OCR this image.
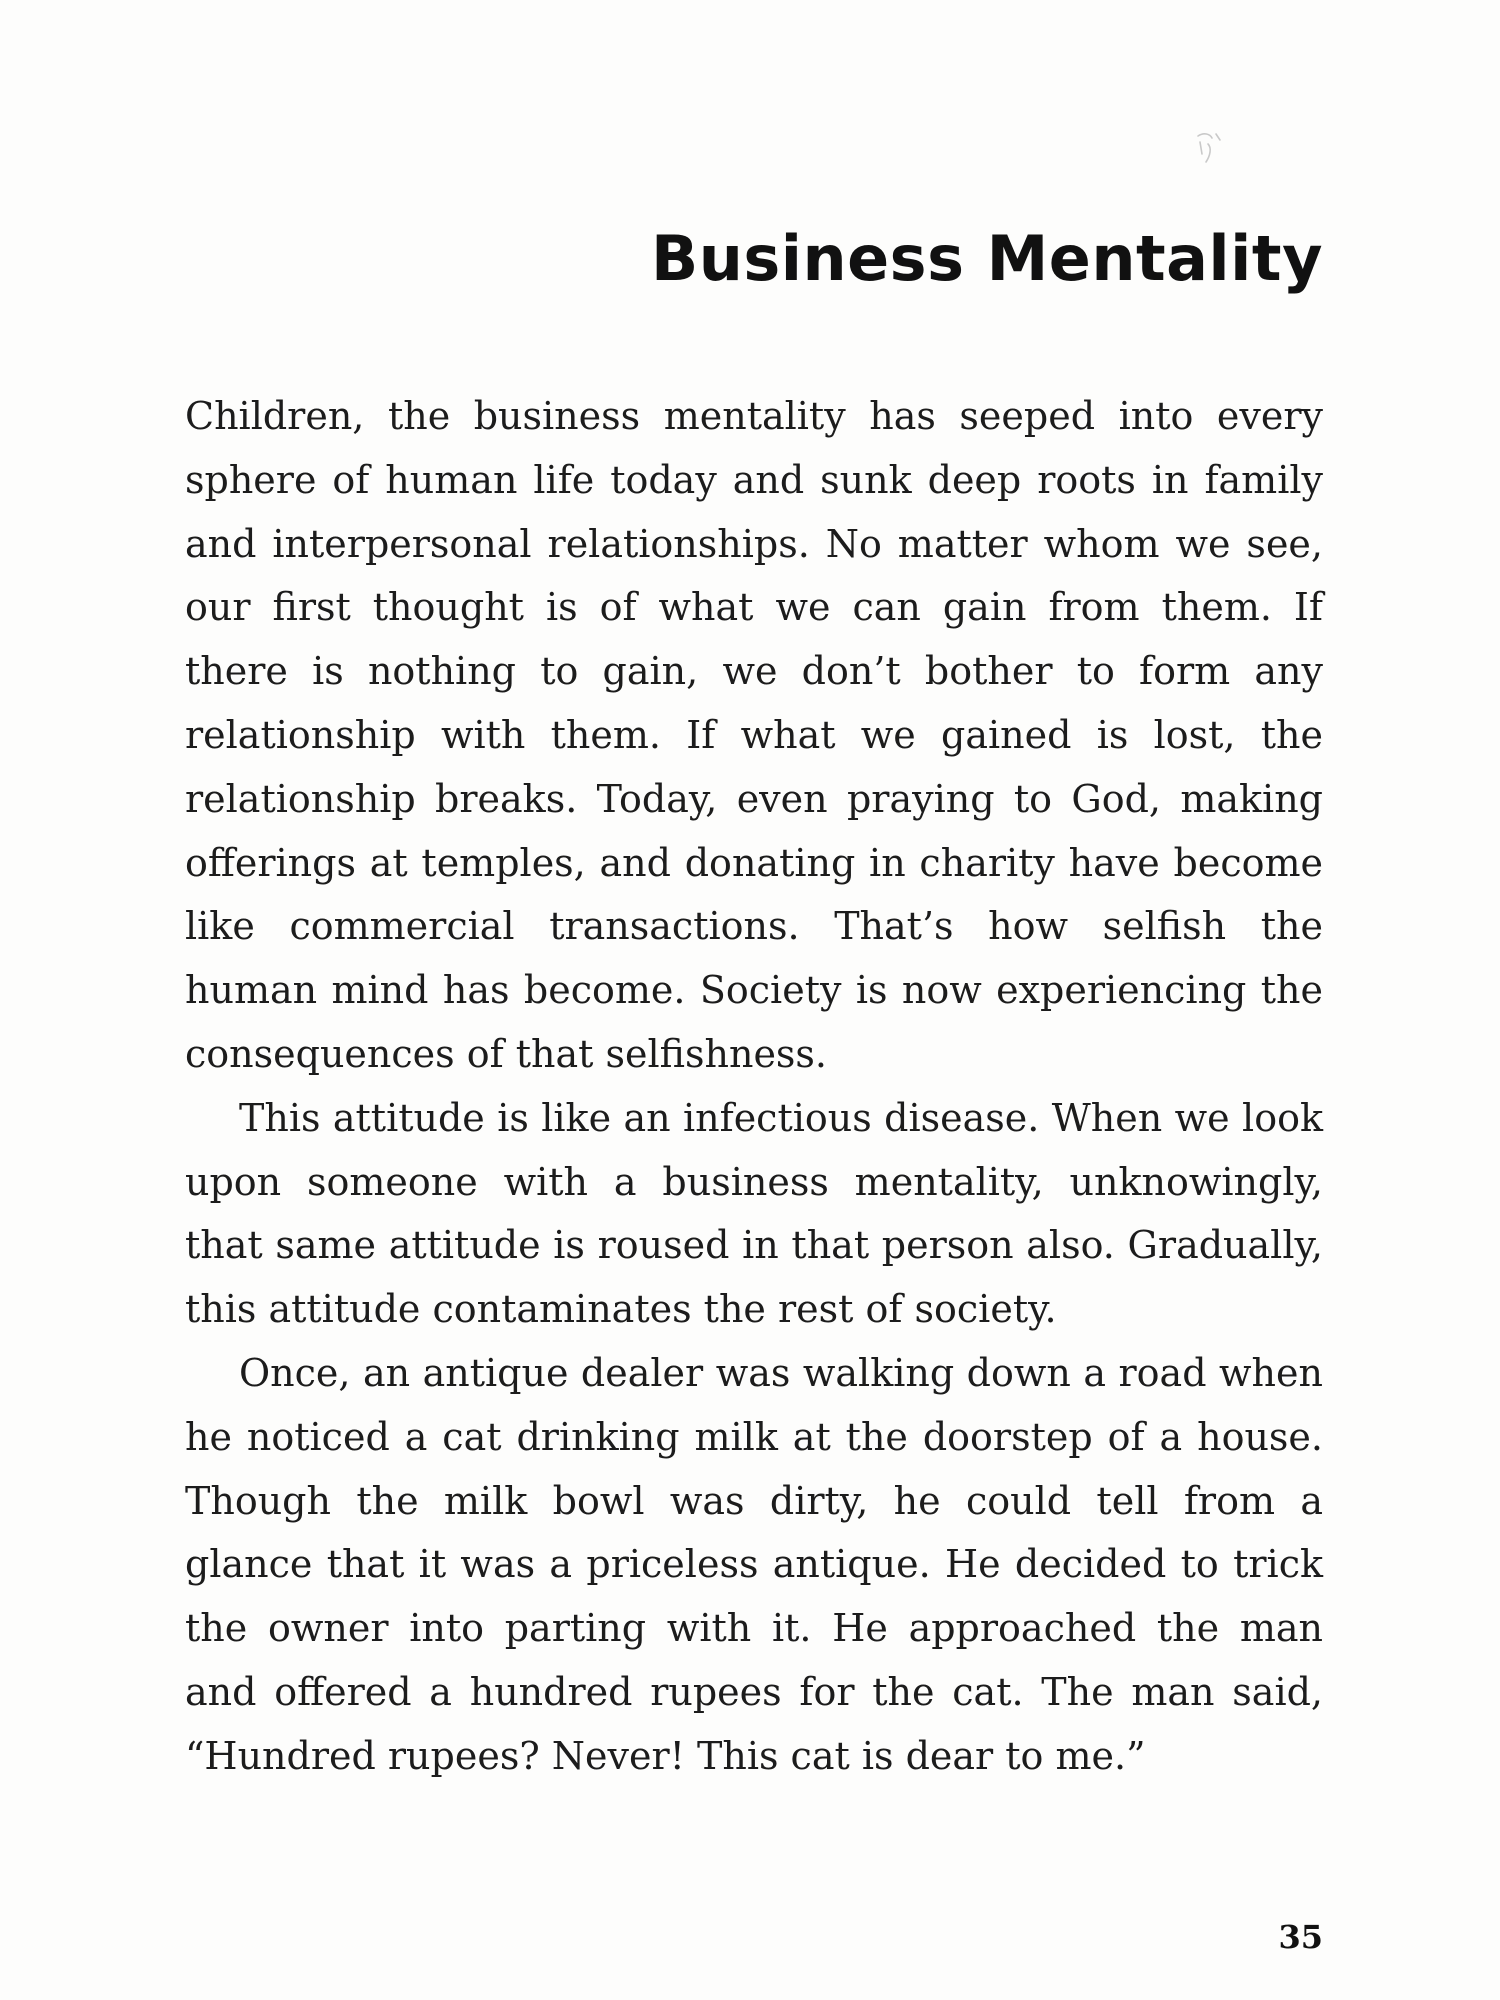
Business Mentality

Children, the business mentality has seeped into every sphere of human life today and sunk deep roots in family and interpersonal relationships. No matter whom we see, our first thought is of what we can gain from them. If there is nothing to gain, we don’t bother to form any relationship with them. If what we gained is lost, the relationship breaks. Today, even praying to God, making offerings at temples, and donating in charity have become like commercial transactions. That’s how selfish the human mind has become. Society is now experiencing the consequences of that selfishness.

This attitude is like an infectious disease. When we look upon someone with a business mentality, unknowingly, that same attitude is roused in that person also. Gradually, this attitude contaminates the rest of society.

Once, an antique dealer was walking down a road when he noticed a cat drinking milk at the doorstep of a house. Though the milk bowl was dirty, he could tell from a glance that it was a priceless antique. He decided to trick the owner into parting with it. He approached the man and offered a hundred rupees for the cat. The man said, “Hundred rupees? Never! This cat is dear to me.”

35
